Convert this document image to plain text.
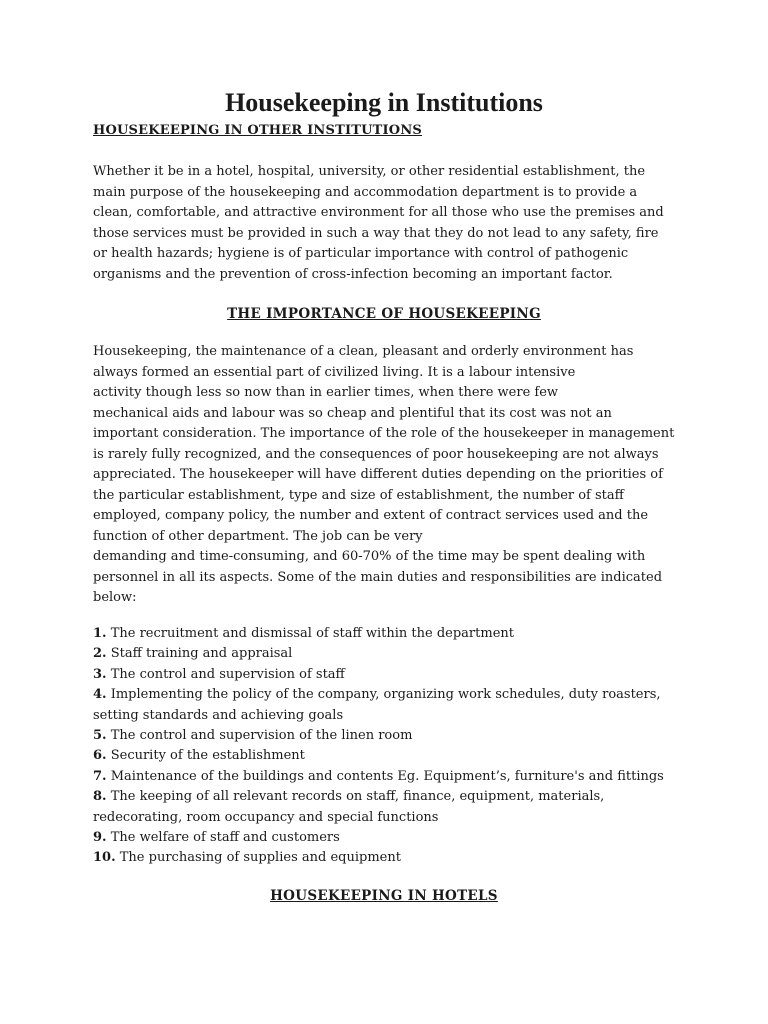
Housekeeping in Institutions
HOUSEKEEPING IN OTHER INSTITUTIONS

Whether it be in a hotel, hospital, university, or other residential establishment, the
main purpose of the housekeeping and accommodation department is to provide a
clean, comfortable, and attractive environment for all those who use the premises and
those services must be provided in such a way that they do not lead to any safety, fire
or health hazards; hygiene is of particular importance with control of pathogenic
organisms and the prevention of cross-infection becoming an important factor.

THE IMPORTANCE OF HOUSEKEEPING

Housekeeping, the maintenance of a clean, pleasant and orderly environment has
always formed an essential part of civilized living. It is a labour intensive
activity though less so now than in earlier times, when there were few
mechanical aids and labour was so cheap and plentiful that its cost was not an
important consideration. The importance of the role of the housekeeper in management
is rarely fully recognized, and the consequences of poor housekeeping are not always
appreciated. The housekeeper will have different duties depending on the priorities of
the particular establishment, type and size of establishment, the number of staff
employed, company policy, the number and extent of contract services used and the
function of other department. The job can be very
demanding and time-consuming, and 60-70% of the time may be spent dealing with
personnel in all its aspects. Some of the main duties and responsibilities are indicated
below:

1. The recruitment and dismissal of staff within the department
2. Staff training and appraisal
3. The control and supervision of staff
4. Implementing the policy of the company, organizing work schedules, duty roasters,
setting standards and achieving goals
5. The control and supervision of the linen room
6. Security of the establishment
7. Maintenance of the buildings and contents Eg. Equipment’s, furniture's and fittings
8. The keeping of all relevant records on staff, finance, equipment, materials,
redecorating, room occupancy and special functions
9. The welfare of staff and customers
10. The purchasing of supplies and equipment
HOUSEKEEPING IN HOTELS
